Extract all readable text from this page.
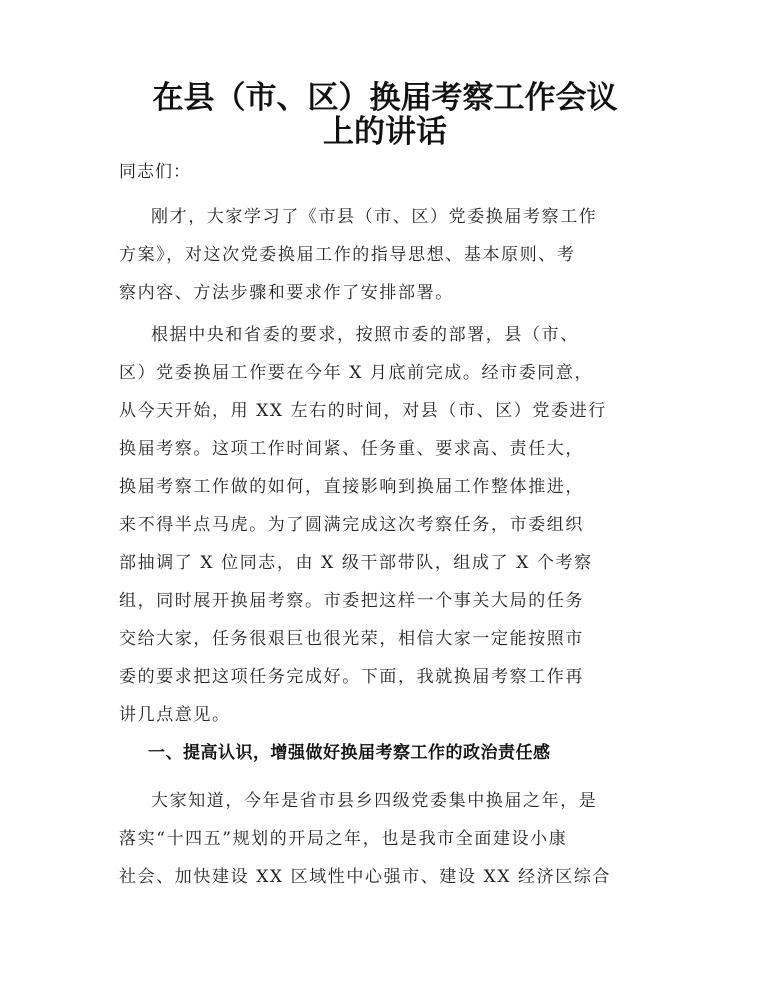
在县（市、区）换届考察工作会议
上的讲话
同志们：
刚才，大家学习了《市县（市、区）党委换届考察工作
方案》，对这次党委换届工作的指导思想、基本原则、考
察内容、方法步骤和要求作了安排部署。
根据中央和省委的要求，按照市委的部署，县（市、
区）党委换届工作要在今年 X 月底前完成。经市委同意，
从今天开始，用 XX 左右的时间，对县（市、区）党委进行
换届考察。这项工作时间紧、任务重、要求高、责任大，
换届考察工作做的如何，直接影响到换届工作整体推进，
来不得半点马虎。为了圆满完成这次考察任务，市委组织
部抽调了 X 位同志，由 X 级干部带队，组成了 X 个考察
组，同时展开换届考察。市委把这样一个事关大局的任务
交给大家，任务很艰巨也很光荣，相信大家一定能按照市
委的要求把这项任务完成好。下面，我就换届考察工作再
讲几点意见。
一、提高认识，增强做好换届考察工作的政治责任感
大家知道，今年是省市县乡四级党委集中换届之年，是
落实“十四五”规划的开局之年，也是我市全面建设小康
社会、加快建设 XX 区域性中心强市、建设 XX 经济区综合
